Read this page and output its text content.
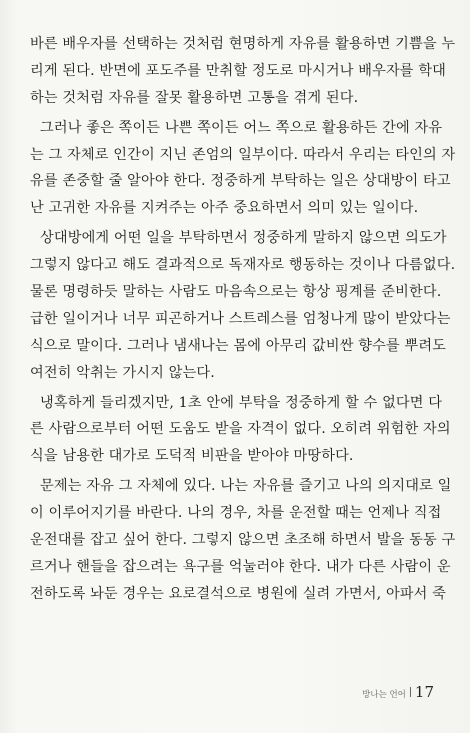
바른 배우자를 선택하는 것처럼 현명하게 자유를 활용하면 기쁨을 누
리게 된다. 반면에 포도주를 만취할 정도로 마시거나 배우자를 학대
하는 것처럼 자유를 잘못 활용하면 고통을 겪게 된다.
그러나 좋은 쪽이든 나쁜 쪽이든 어느 쪽으로 활용하든 간에 자유
는 그 자체로 인간이 지닌 존엄의 일부이다. 따라서 우리는 타인의 자
유를 존중할 줄 알아야 한다. 정중하게 부탁하는 일은 상대방이 타고
난 고귀한 자유를 지켜주는 아주 중요하면서 의미 있는 일이다.
상대방에게 어떤 일을 부탁하면서 정중하게 말하지 않으면 의도가
그렇지 않다고 해도 결과적으로 독재자로 행동하는 것이나 다름없다.
물론 명령하듯 말하는 사람도 마음속으로는 항상 핑계를 준비한다.
급한 일이거나 너무 피곤하거나 스트레스를 엄청나게 많이 받았다는
식으로 말이다. 그러나 냄새나는 몸에 아무리 값비싼 향수를 뿌려도
여전히 악취는 가시지 않는다.
냉혹하게 들리겠지만, 1초 안에 부탁을 정중하게 할 수 없다면 다
른 사람으로부터 어떤 도움도 받을 자격이 없다. 오히려 위험한 자의
식을 남용한 대가로 도덕적 비판을 받아야 마땅하다.
문제는 자유 그 자체에 있다. 나는 자유를 즐기고 나의 의지대로 일
이 이루어지기를 바란다. 나의 경우, 차를 운전할 때는 언제나 직접
운전대를 잡고 싶어 한다. 그렇지 않으면 초조해 하면서 발을 동동 구
르거나 핸들을 잡으려는 욕구를 억눌러야 한다. 내가 다른 사람이 운
전하도록 놔둔 경우는 요로결석으로 병원에 실려 가면서, 아파서 죽
방나는 언어 17
